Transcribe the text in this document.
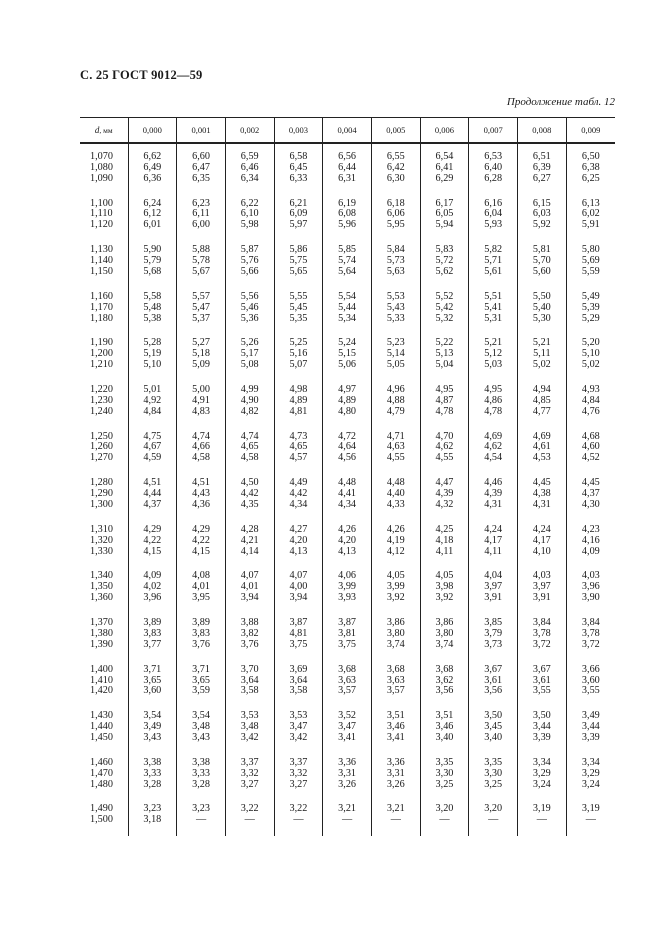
С. 25 ГОСТ 9012—59
Продолжение табл. 12
d, мм	0,000	0,001	0,002	0,003	0,004	0,005	0,006	0,007	0,008	0,009

1,070	6,62	6,60	6,59	6,58	6,56	6,55	6,54	6,53	6,51	6,50
1,080	6,49	6,47	6,46	6,45	6,44	6,42	6,41	6,40	6,39	6,38
1,090	6,36	6,35	6,34	6,33	6,31	6,30	6,29	6,28	6,27	6,25

1,100	6,24	6,23	6,22	6,21	6,19	6,18	6,17	6,16	6,15	6,13
1,110	6,12	6,11	6,10	6,09	6,08	6,06	6,05	6,04	6,03	6,02
1,120	6,01	6,00	5,98	5,97	5,96	5,95	5,94	5,93	5,92	5,91

1,130	5,90	5,88	5,87	5,86	5,85	5,84	5,83	5,82	5,81	5,80
1,140	5,79	5,78	5,76	5,75	5,74	5,73	5,72	5,71	5,70	5,69
1,150	5,68	5,67	5,66	5,65	5,64	5,63	5,62	5,61	5,60	5,59

1,160	5,58	5,57	5,56	5,55	5,54	5,53	5,52	5,51	5,50	5,49
1,170	5,48	5,47	5,46	5,45	5,44	5,43	5,42	5,41	5,40	5,39
1,180	5,38	5,37	5,36	5,35	5,34	5,33	5,32	5,31	5,30	5,29

1,190	5,28	5,27	5,26	5,25	5,24	5,23	5,22	5,21	5,21	5,20
1,200	5,19	5,18	5,17	5,16	5,15	5,14	5,13	5,12	5,11	5,10
1,210	5,10	5,09	5,08	5,07	5,06	5,05	5,04	5,03	5,02	5,02

1,220	5,01	5,00	4,99	4,98	4,97	4,96	4,95	4,95	4,94	4,93
1,230	4,92	4,91	4,90	4,89	4,89	4,88	4,87	4,86	4,85	4,84
1,240	4,84	4,83	4,82	4,81	4,80	4,79	4,78	4,78	4,77	4,76

1,250	4,75	4,74	4,74	4,73	4,72	4,71	4,70	4,69	4,69	4,68
1,260	4,67	4,66	4,65	4,65	4,64	4,63	4,62	4,62	4,61	4,60
1,270	4,59	4,58	4,58	4,57	4,56	4,55	4,55	4,54	4,53	4,52

1,280	4,51	4,51	4,50	4,49	4,48	4,48	4,47	4,46	4,45	4,45
1,290	4,44	4,43	4,42	4,42	4,41	4,40	4,39	4,39	4,38	4,37
1,300	4,37	4,36	4,35	4,34	4,34	4,33	4,32	4,31	4,31	4,30

1,310	4,29	4,29	4,28	4,27	4,26	4,26	4,25	4,24	4,24	4,23
1,320	4,22	4,22	4,21	4,20	4,20	4,19	4,18	4,17	4,17	4,16
1,330	4,15	4,15	4,14	4,13	4,13	4,12	4,11	4,11	4,10	4,09

1,340	4,09	4,08	4,07	4,07	4,06	4,05	4,05	4,04	4,03	4,03
1,350	4,02	4,01	4,01	4,00	3,99	3,99	3,98	3,97	3,97	3,96
1,360	3,96	3,95	3,94	3,94	3,93	3,92	3,92	3,91	3,91	3,90

1,370	3,89	3,89	3,88	3,87	3,87	3,86	3,86	3,85	3,84	3,84
1,380	3,83	3,83	3,82	4,81	3,81	3,80	3,80	3,79	3,78	3,78
1,390	3,77	3,76	3,76	3,75	3,75	3,74	3,74	3,73	3,72	3,72

1,400	3,71	3,71	3,70	3,69	3,68	3,68	3,68	3,67	3,67	3,66
1,410	3,65	3,65	3,64	3,64	3,63	3,63	3,62	3,61	3,61	3,60
1,420	3,60	3,59	3,58	3,58	3,57	3,57	3,56	3,56	3,55	3,55

1,430	3,54	3,54	3,53	3,53	3,52	3,51	3,51	3,50	3,50	3,49
1,440	3,49	3,48	3,48	3,47	3,47	3,46	3,46	3,45	3,44	3,44
1,450	3,43	3,43	3,42	3,42	3,41	3,41	3,40	3,40	3,39	3,39

1,460	3,38	3,38	3,37	3,37	3,36	3,36	3,35	3,35	3,34	3,34
1,470	3,33	3,33	3,32	3,32	3,31	3,31	3,30	3,30	3,29	3,29
1,480	3,28	3,28	3,27	3,27	3,26	3,26	3,25	3,25	3,24	3,24

1,490	3,23	3,23	3,22	3,22	3,21	3,21	3,20	3,20	3,19	3,19
1,500	3,18	—	—	—	—	—	—	—	—	—
